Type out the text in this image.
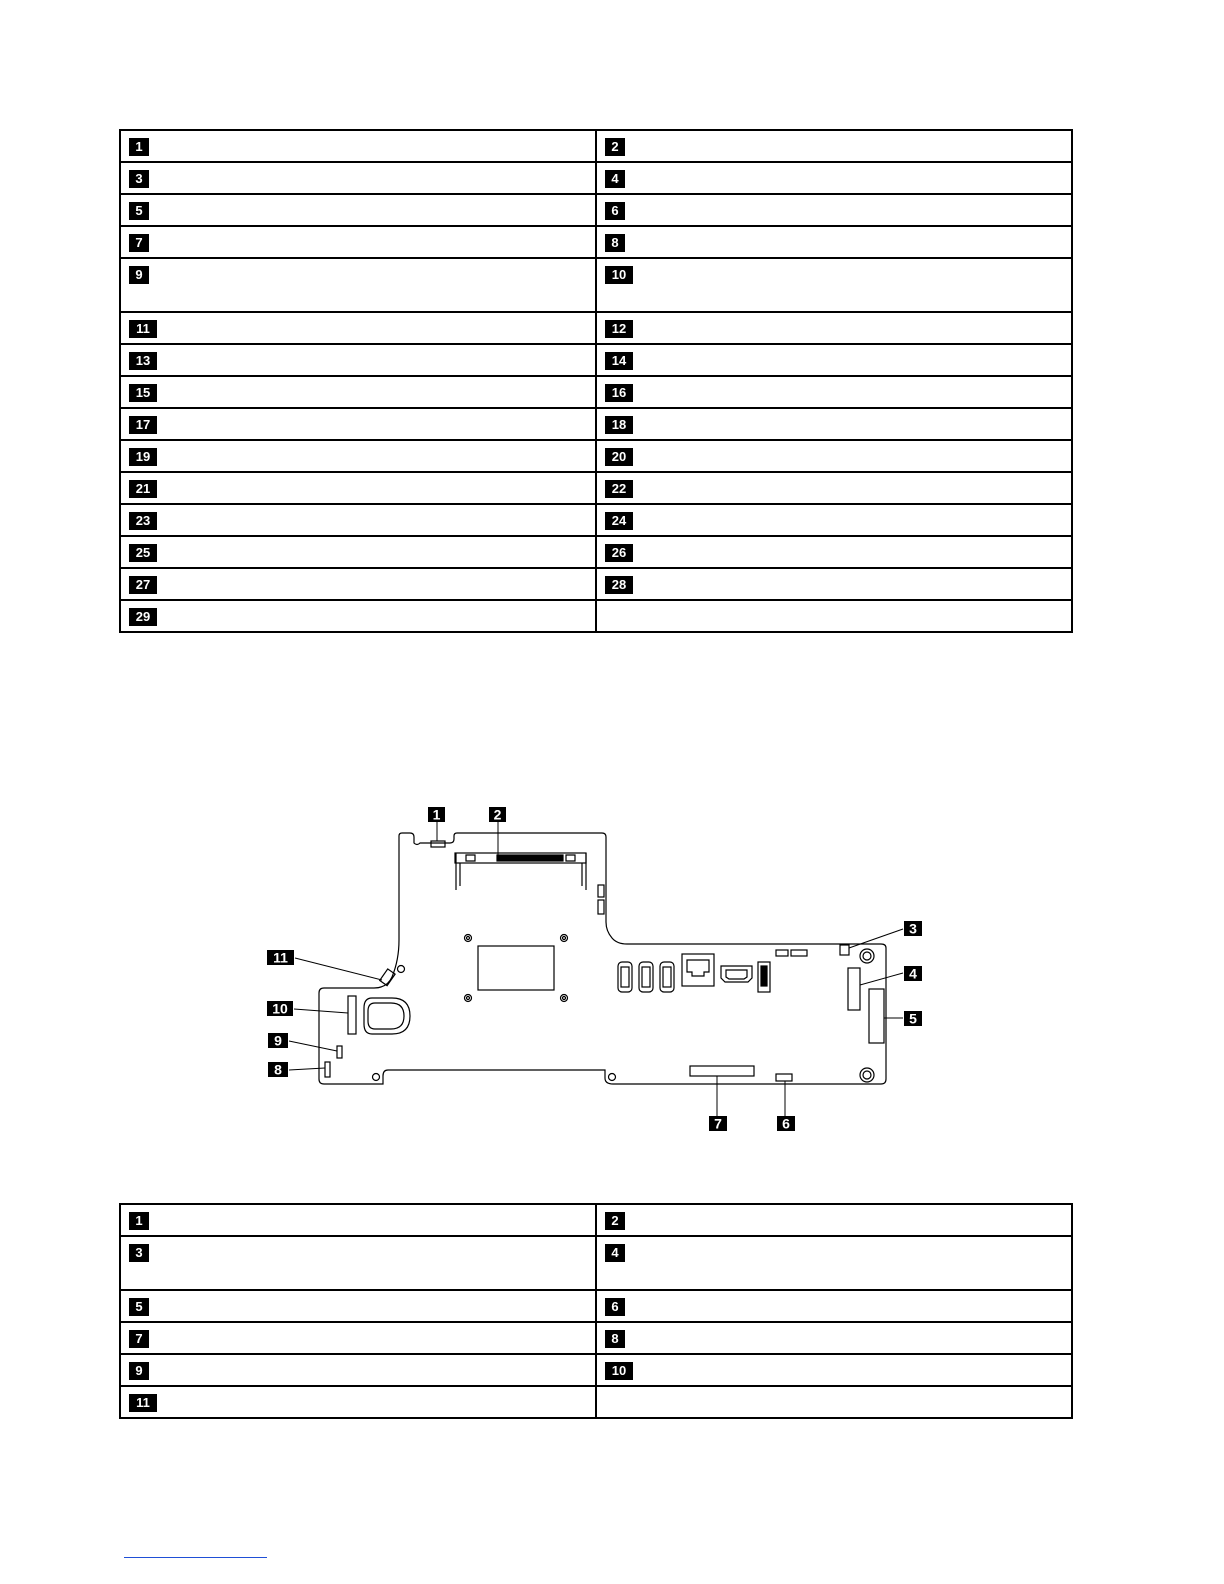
1	2
3	4
5	6
7	8
9	10
11	12
13	14
15	16
17	18
19	20
21	22
23	24
25	26
27	28
29	
1	2
3
4
5
6
7
8
9
10
11
1	2
3	4
5	6
7	8
9	10
11	
